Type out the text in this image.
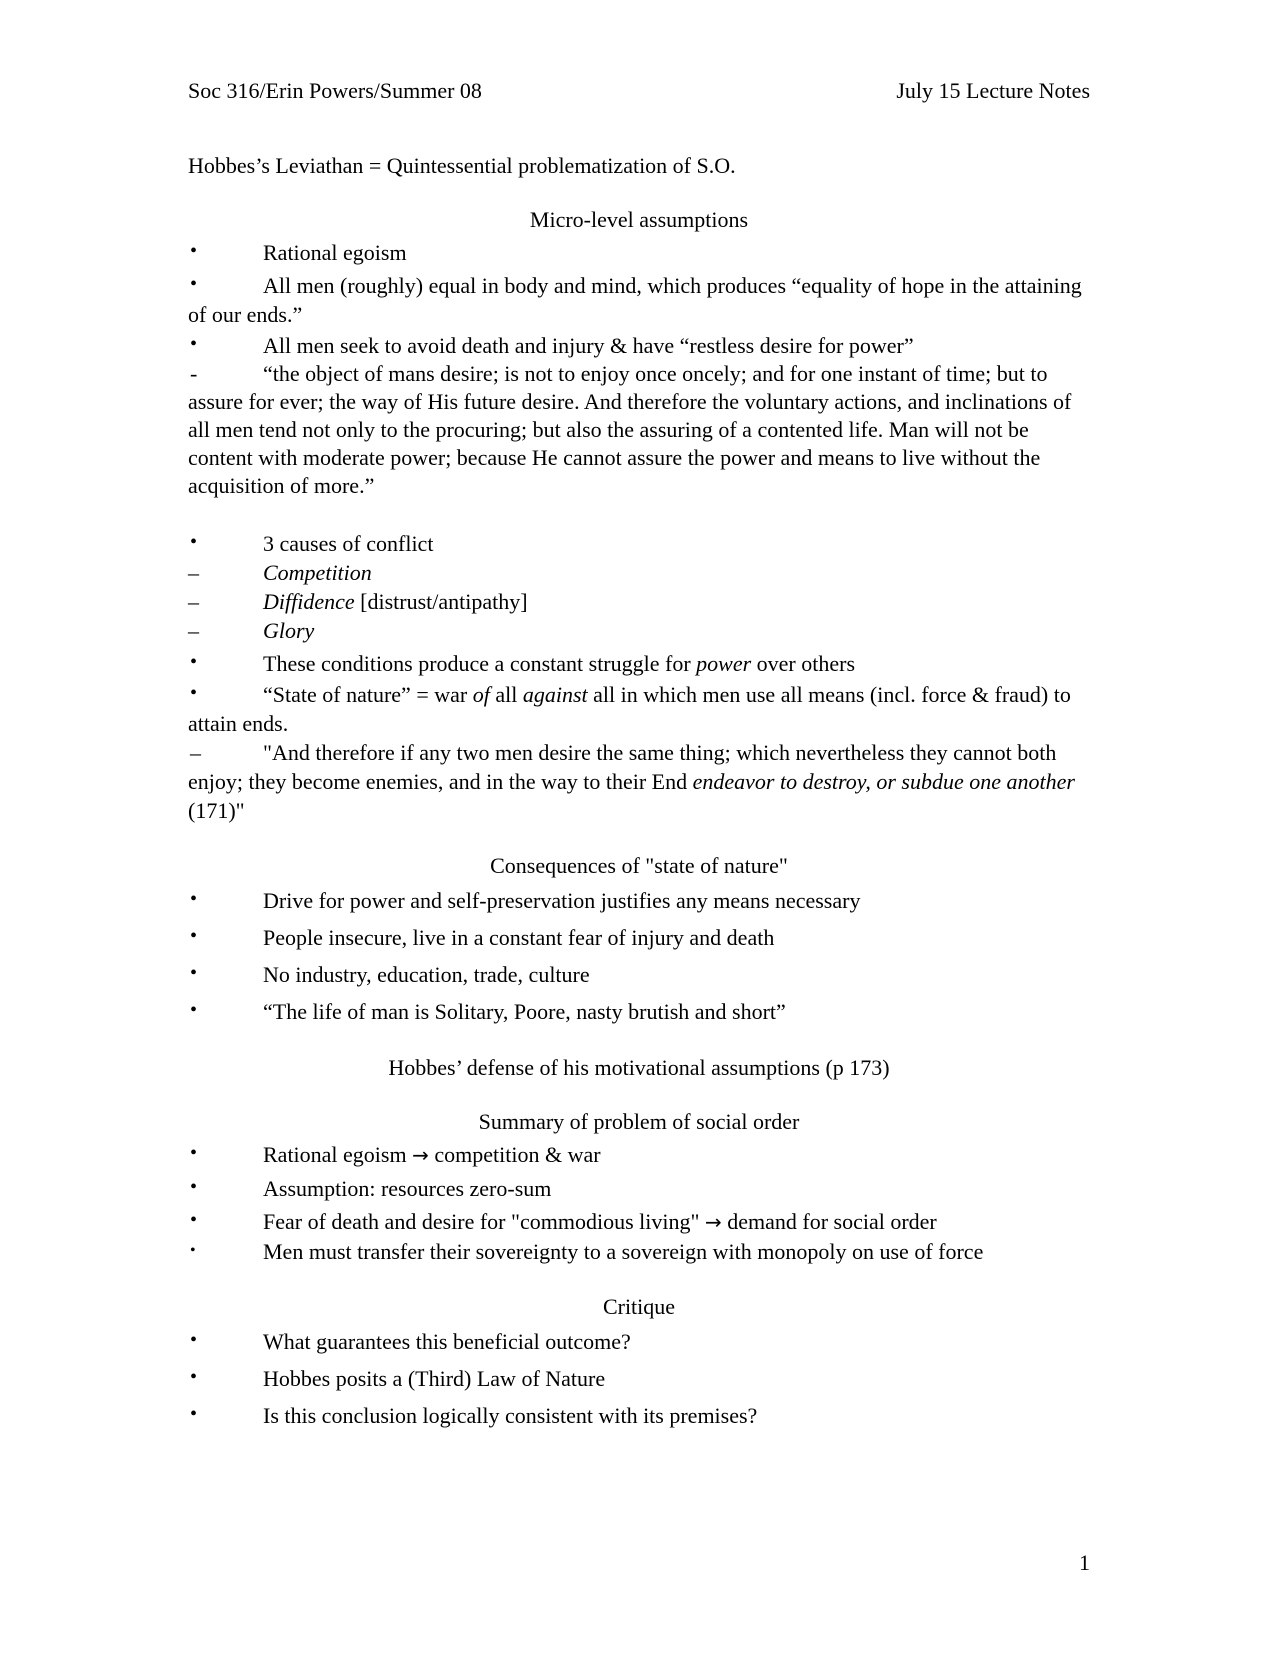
Soc 316/Erin Powers/Summer 08	July 15 Lecture Notes

Hobbes’s Leviathan = Quintessential problematization of S.O.

Micro-level assumptions

•	Rational egoism

•	All men (roughly) equal in body and mind, which produces “equality of hope in the attaining of our ends.”

•	All men seek to avoid death and injury & have “restless desire for power”

-	“the object of mans desire; is not to enjoy once oncely; and for one instant of time; but to assure for ever; the way of His future desire. And therefore the voluntary actions, and inclinations of all men tend not only to the procuring; but also the assuring of a contented life. Man will not be content with moderate power; because He cannot assure the power and means to live without the acquisition of more.”

•	3 causes of conflict

–	Competition

–	Diffidence [distrust/antipathy]

–	Glory

•	These conditions produce a constant struggle for power over others

•	“State of nature” = war of all against all in which men use all means (incl. force & fraud) to attain ends.

–	"And therefore if any two men desire the same thing; which nevertheless they cannot both enjoy; they become enemies, and in the way to their End endeavor to destroy, or subdue one another (171)"

Consequences of "state of nature"

•	Drive for power and self-preservation justifies any means necessary

•	People insecure, live in a constant fear of injury and death

•	No industry, education, trade, culture

•	“The life of man is Solitary, Poore, nasty brutish and short”

Hobbes’ defense of his motivational assumptions (p 173)

Summary of problem of social order

•	Rational egoism → competition & war

•	Assumption: resources zero-sum

•	Fear of death and desire for "commodious living" → demand for social order

•	Men must transfer their sovereignty to a sovereign with monopoly on use of force

Critique

•	What guarantees this beneficial outcome?

•	Hobbes posits a (Third) Law of Nature

•	Is this conclusion logically consistent with its premises?

1
